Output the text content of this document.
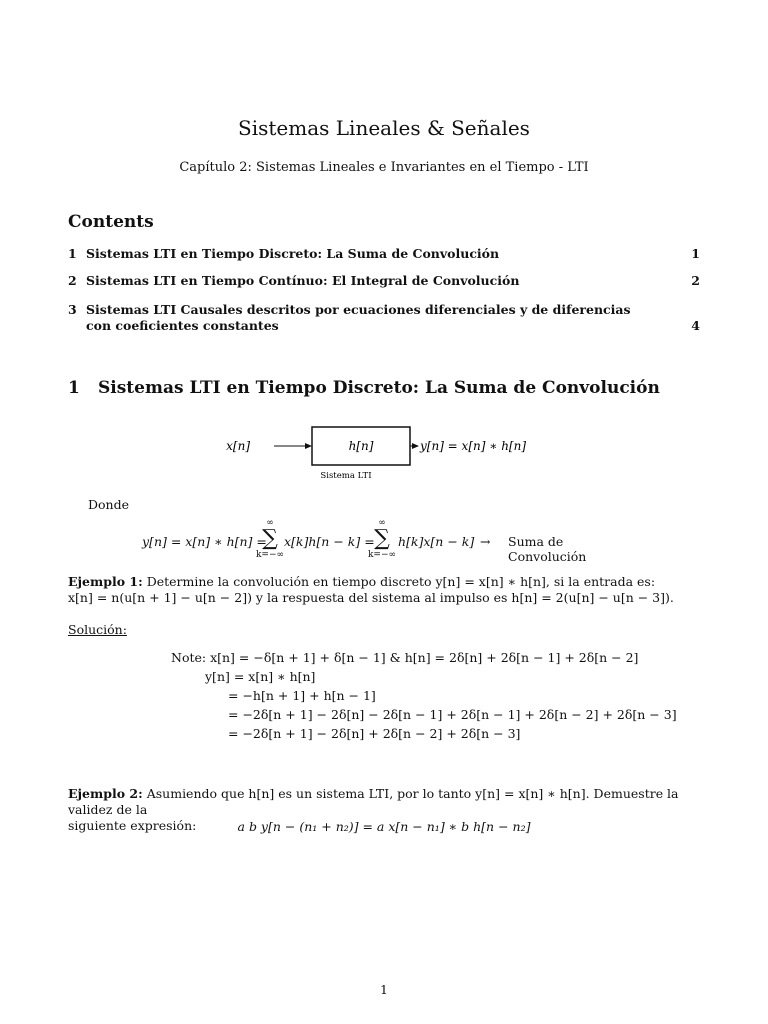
Sistemas Lineales & Señales
Capítulo 2: Sistemas Lineales e Invariantes en el Tiempo - LTI
Contents
1 Sistemas LTI en Tiempo Discreto: La Suma de Convolución	1
2 Sistemas LTI en Tiempo Contínuo: El Integral de Convolución	2
3 Sistemas LTI Causales descritos por ecuaciones diferenciales y de diferencias con coeficientes constantes	4
1 Sistemas LTI en Tiempo Discreto: La Suma de Convolución
x[n]	h[n]	y[n] = x[n] ∗ h[n]
Sistema LTI
Donde
y[n] = x[n] ∗ h[n] =
∞
∑
k=−∞
x[k]h[n − k] =
∞
∑
k=−∞
h[k]x[n − k] → Suma de Convolución
Ejemplo 1: Determine la convolución en tiempo discreto y[n] = x[n] ∗ h[n], si la entrada es:
x[n] = n(u[n + 1] − u[n − 2]) y la respuesta del sistema al impulso es h[n] = 2(u[n] − u[n − 3]).
Solución:
Note: x[n] = −δ[n + 1] + δ[n − 1] & h[n] = 2δ[n] + 2δ[n − 1] + 2δ[n − 2]
y[n] = x[n] ∗ h[n]
= −h[n + 1] + h[n − 1]
= −2δ[n + 1] − 2δ[n] − 2δ[n − 1] + 2δ[n − 1] + 2δ[n − 2] + 2δ[n − 3]
= −2δ[n + 1] − 2δ[n] + 2δ[n − 2] + 2δ[n − 3]
Ejemplo 2: Asumiendo que h[n] es un sistema LTI, por lo tanto y[n] = x[n] ∗ h[n]. Demuestre la validez de la
siguiente expresión:	a b y[n − (n₁ + n₂)] = a x[n − n₁] ∗ b h[n − n₂]
1
